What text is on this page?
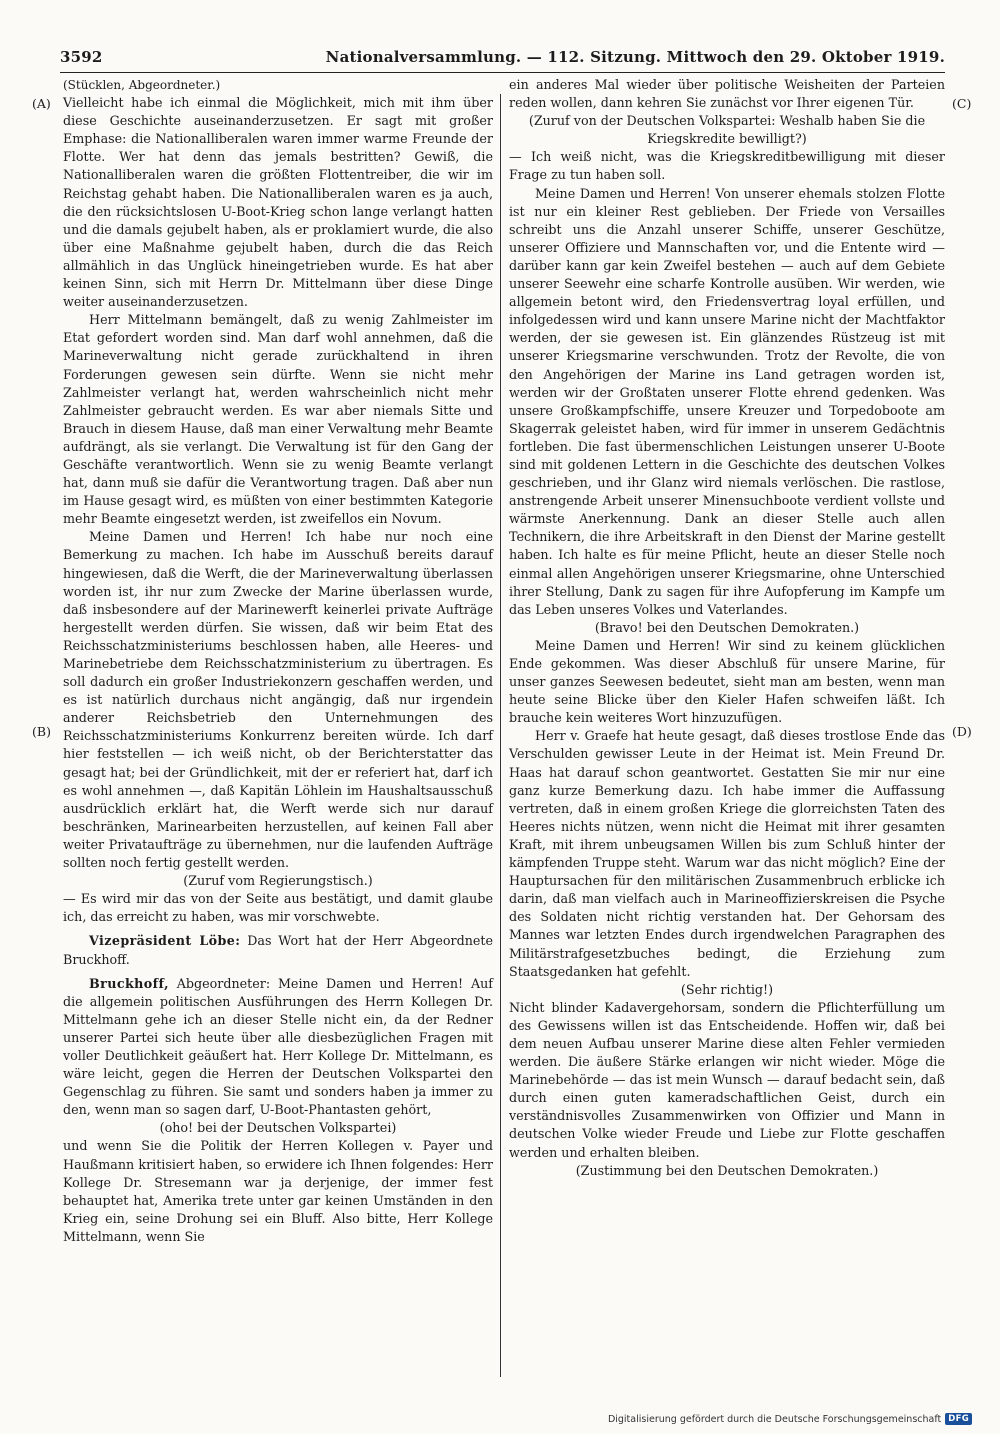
3592	Nationalversammlung. — 112. Sitzung. Mittwoch den 29. Oktober 1919.
(A)
(B)
(C)
(D)

(Stücklen, Abgeordneter.)

Vielleicht habe ich einmal die Möglichkeit, mich mit ihm über diese Geschichte auseinanderzusetzen. Er sagt mit großer Emphase: die Nationalliberalen waren immer warme Freunde der Flotte. Wer hat denn das jemals bestritten? Gewiß, die Nationalliberalen waren die größten Flottentreiber, die wir im Reichstag gehabt haben. Die Nationalliberalen waren es ja auch, die den rücksichtslosen U-Boot-Krieg schon lange verlangt hatten und die damals gejubelt haben, als er proklamiert wurde, die also über eine Maßnahme gejubelt haben, durch die das Reich allmählich in das Unglück hineingetrieben wurde. Es hat aber keinen Sinn, sich mit Herrn Dr. Mittelmann über diese Dinge weiter auseinanderzusetzen.

Herr Mittelmann bemängelt, daß zu wenig Zahlmeister im Etat gefordert worden sind. Man darf wohl annehmen, daß die Marineverwaltung nicht gerade zurückhaltend in ihren Forderungen gewesen sein dürfte. Wenn sie nicht mehr Zahlmeister verlangt hat, werden wahrscheinlich nicht mehr Zahlmeister gebraucht werden. Es war aber niemals Sitte und Brauch in diesem Hause, daß man einer Verwaltung mehr Beamte aufdrängt, als sie verlangt. Die Verwaltung ist für den Gang der Geschäfte verantwortlich. Wenn sie zu wenig Beamte verlangt hat, dann muß sie dafür die Verantwortung tragen. Daß aber nun im Hause gesagt wird, es müßten von einer bestimmten Kategorie mehr Beamte eingesetzt werden, ist zweifellos ein Novum.

Meine Damen und Herren! Ich habe nur noch eine Bemerkung zu machen. Ich habe im Ausschuß bereits darauf hingewiesen, daß die Werft, die der Marineverwaltung überlassen worden ist, ihr nur zum Zwecke der Marine überlassen wurde, daß insbesondere auf der Marinewerft keinerlei private Aufträge hergestellt werden dürfen. Sie wissen, daß wir beim Etat des Reichsschatzministeriums beschlossen haben, alle Heeres- und Marinebetriebe dem Reichsschatzministerium zu übertragen. Es soll dadurch ein großer Industriekonzern geschaffen werden, und es ist natürlich durchaus nicht angängig, daß nur irgendein anderer Reichsbetrieb den Unternehmungen des Reichsschatzministeriums Konkurrenz bereiten würde. Ich darf hier feststellen — ich weiß nicht, ob der Berichterstatter das gesagt hat; bei der Gründlichkeit, mit der er referiert hat, darf ich es wohl annehmen —, daß Kapitän Löhlein im Haushaltsausschuß ausdrücklich erklärt hat, die Werft werde sich nur darauf beschränken, Marinearbeiten herzustellen, auf keinen Fall aber weiter Privataufträge zu übernehmen, nur die laufenden Aufträge sollten noch fertig gestellt werden.

(Zuruf vom Regierungstisch.)

— Es wird mir das von der Seite aus bestätigt, und damit glaube ich, das erreicht zu haben, was mir vorschwebte.

Vizepräsident Löbe: Das Wort hat der Herr Abgeordnete Bruckhoff.

Bruckhoff, Abgeordneter: Meine Damen und Herren! Auf die allgemein politischen Ausführungen des Herrn Kollegen Dr. Mittelmann gehe ich an dieser Stelle nicht ein, da der Redner unserer Partei sich heute über alle diesbezüglichen Fragen mit voller Deutlichkeit geäußert hat. Herr Kollege Dr. Mittelmann, es wäre leicht, gegen die Herren der Deutschen Volkspartei den Gegenschlag zu führen. Sie samt und sonders haben ja immer zu den, wenn man so sagen darf, U-Boot-Phantasten gehört,

(oho! bei der Deutschen Volkspartei)

und wenn Sie die Politik der Herren Kollegen v. Payer und Haußmann kritisiert haben, so erwidere ich Ihnen folgendes: Herr Kollege Dr. Stresemann war ja derjenige, der immer fest behauptet hat, Amerika trete unter gar keinen Umständen in den Krieg ein, seine Drohung sei ein Bluff. Also bitte, Herr Kollege Mittelmann, wenn Sie

ein anderes Mal wieder über politische Weisheiten der Parteien reden wollen, dann kehren Sie zunächst vor Ihrer eigenen Tür.

(Zuruf von der Deutschen Volkspartei: Weshalb haben Sie die Kriegskredite bewilligt?)

— Ich weiß nicht, was die Kriegskreditbewilligung mit dieser Frage zu tun haben soll.

Meine Damen und Herren! Von unserer ehemals stolzen Flotte ist nur ein kleiner Rest geblieben. Der Friede von Versailles schreibt uns die Anzahl unserer Schiffe, unserer Geschütze, unserer Offiziere und Mannschaften vor, und die Entente wird — darüber kann gar kein Zweifel bestehen — auch auf dem Gebiete unserer Seewehr eine scharfe Kontrolle ausüben. Wir werden, wie allgemein betont wird, den Friedensvertrag loyal erfüllen, und infolgedessen wird und kann unsere Marine nicht der Machtfaktor werden, der sie gewesen ist. Ein glänzendes Rüstzeug ist mit unserer Kriegsmarine verschwunden. Trotz der Revolte, die von den Angehörigen der Marine ins Land getragen worden ist, werden wir der Großtaten unserer Flotte ehrend gedenken. Was unsere Großkampfschiffe, unsere Kreuzer und Torpedoboote am Skagerrak geleistet haben, wird für immer in unserem Gedächtnis fortleben. Die fast übermenschlichen Leistungen unserer U-Boote sind mit goldenen Lettern in die Geschichte des deutschen Volkes geschrieben, und ihr Glanz wird niemals verlöschen. Die rastlose, anstrengende Arbeit unserer Minensuchboote verdient vollste und wärmste Anerkennung. Dank an dieser Stelle auch allen Technikern, die ihre Arbeitskraft in den Dienst der Marine gestellt haben. Ich halte es für meine Pflicht, heute an dieser Stelle noch einmal allen Angehörigen unserer Kriegsmarine, ohne Unterschied ihrer Stellung, Dank zu sagen für ihre Aufopferung im Kampfe um das Leben unseres Volkes und Vaterlandes.

(Bravo! bei den Deutschen Demokraten.)

Meine Damen und Herren! Wir sind zu keinem glücklichen Ende gekommen. Was dieser Abschluß für unsere Marine, für unser ganzes Seewesen bedeutet, sieht man am besten, wenn man heute seine Blicke über den Kieler Hafen schweifen läßt. Ich brauche kein weiteres Wort hinzuzufügen.

Herr v. Graefe hat heute gesagt, daß dieses trostlose Ende das Verschulden gewisser Leute in der Heimat ist. Mein Freund Dr. Haas hat darauf schon geantwortet. Gestatten Sie mir nur eine ganz kurze Bemerkung dazu. Ich habe immer die Auffassung vertreten, daß in einem großen Kriege die glorreichsten Taten des Heeres nichts nützen, wenn nicht die Heimat mit ihrer gesamten Kraft, mit ihrem unbeugsamen Willen bis zum Schluß hinter der kämpfenden Truppe steht. Warum war das nicht möglich? Eine der Hauptursachen für den militärischen Zusammenbruch erblicke ich darin, daß man vielfach auch in Marineoffizierskreisen die Psyche des Soldaten nicht richtig verstanden hat. Der Gehorsam des Mannes war letzten Endes durch irgendwelchen Paragraphen des Militärstrafgesetzbuches bedingt, die Erziehung zum Staatsgedanken hat gefehlt.

(Sehr richtig!)

Nicht blinder Kadavergehorsam, sondern die Pflichterfüllung um des Gewissens willen ist das Entscheidende. Hoffen wir, daß bei dem neuen Aufbau unserer Marine diese alten Fehler vermieden werden. Die äußere Stärke erlangen wir nicht wieder. Möge die Marinebehörde — das ist mein Wunsch — darauf bedacht sein, daß durch einen guten kameradschaftlichen Geist, durch ein verständnisvolles Zusammenwirken von Offizier und Mann in deutschen Volke wieder Freude und Liebe zur Flotte geschaffen werden und erhalten bleiben.

(Zustimmung bei den Deutschen Demokraten.)

Digitalisierung gefördert durch die Deutsche Forschungsgemeinschaft DFG
